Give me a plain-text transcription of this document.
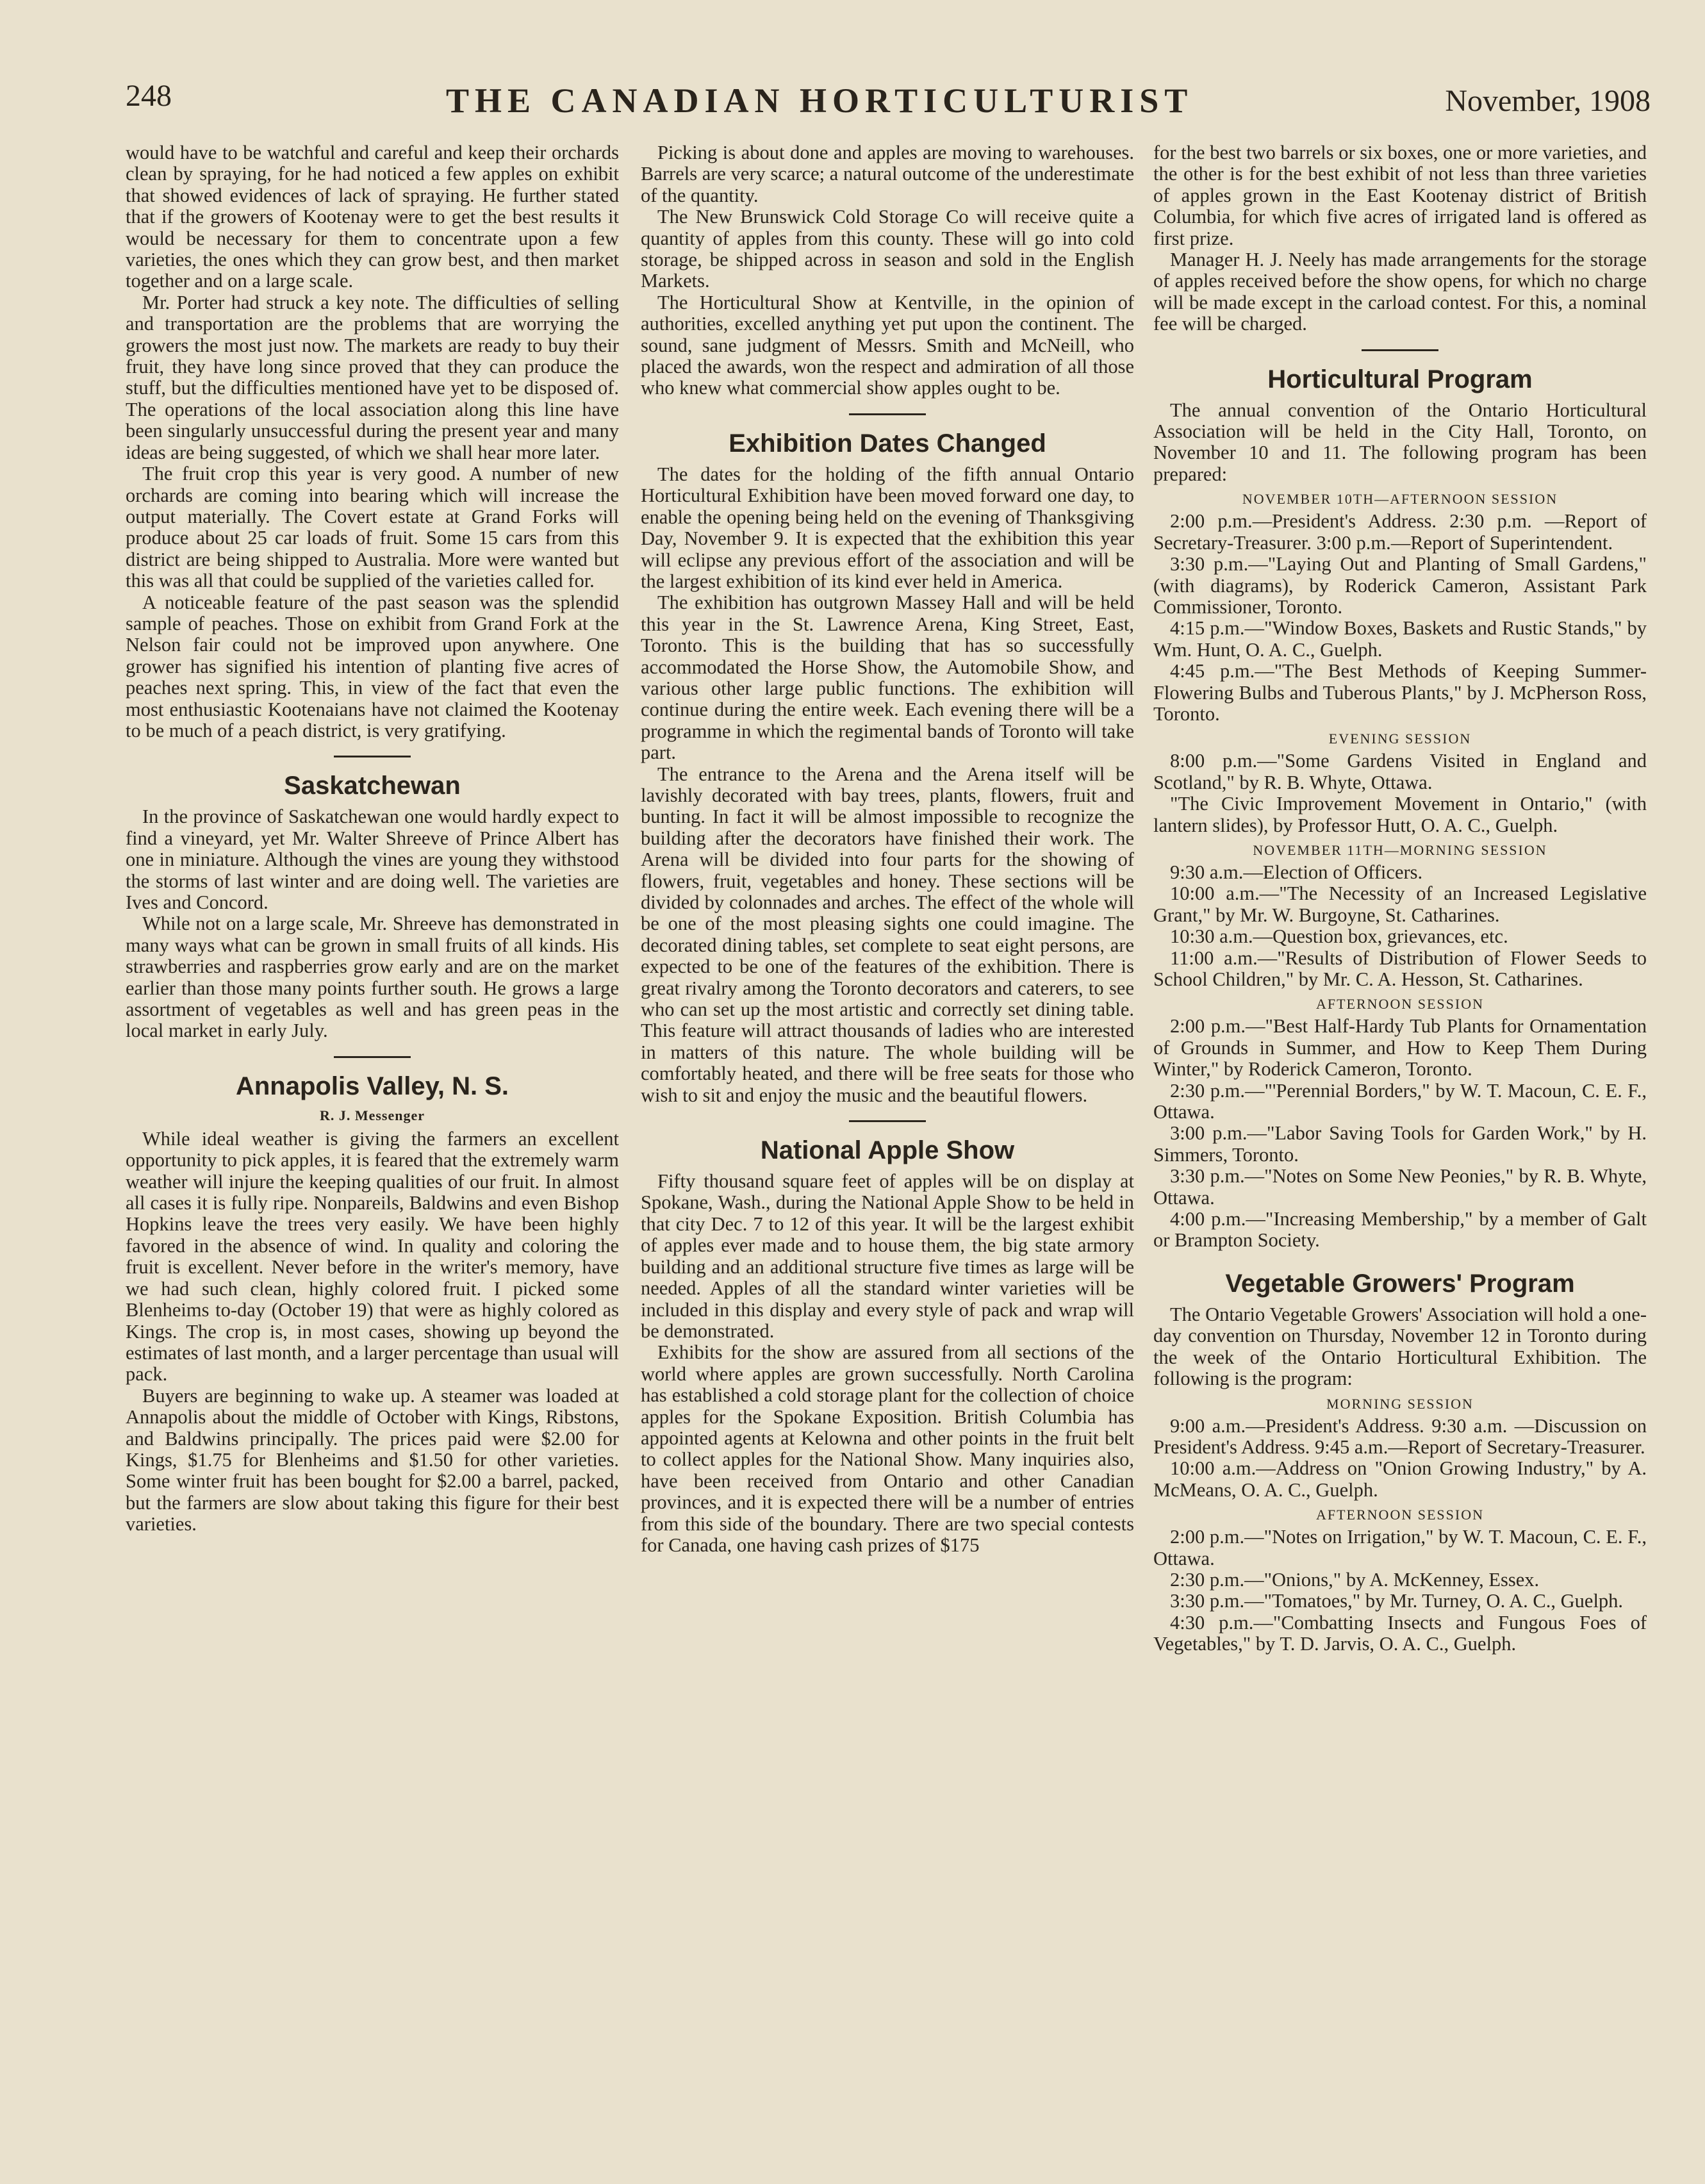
248	THE CANADIAN HORTICULTURIST	November, 1908

would have to be watchful and careful and keep their orchards clean by spraying, for he had noticed a few apples on exhibit that showed evidences of lack of spraying. He further stated that if the growers of Kootenay were to get the best results it would be necessary for them to concentrate upon a few varieties, the ones which they can grow best, and then market together and on a large scale.

Mr. Porter had struck a key note. The difficulties of selling and transportation are the problems that are worrying the growers the most just now. The markets are ready to buy their fruit, they have long since proved that they can produce the stuff, but the difficulties mentioned have yet to be disposed of. The operations of the local association along this line have been singularly unsuccessful during the present year and many ideas are being suggested, of which we shall hear more later.

The fruit crop this year is very good. A number of new orchards are coming into bearing which will increase the output materially. The Covert estate at Grand Forks will produce about 25 car loads of fruit. Some 15 cars from this district are being shipped to Australia. More were wanted but this was all that could be supplied of the varieties called for.

A noticeable feature of the past season was the splendid sample of peaches. Those on exhibit from Grand Fork at the Nelson fair could not be improved upon anywhere. One grower has signified his intention of planting five acres of peaches next spring. This, in view of the fact that even the most enthusiastic Kootenaians have not claimed the Kootenay to be much of a peach district, is very gratifying.

Saskatchewan

In the province of Saskatchewan one would hardly expect to find a vineyard, yet Mr. Walter Shreeve of Prince Albert has one in miniature. Although the vines are young they withstood the storms of last winter and are doing well. The varieties are Ives and Concord.

While not on a large scale, Mr. Shreeve has demonstrated in many ways what can be grown in small fruits of all kinds. His strawberries and raspberries grow early and are on the market earlier than those many points further south. He grows a large assortment of vegetables as well and has green peas in the local market in early July.

Annapolis Valley, N. S.
R. J. Messenger

While ideal weather is giving the farmers an excellent opportunity to pick apples, it is feared that the extremely warm weather will injure the keeping qualities of our fruit. In almost all cases it is fully ripe. Nonpareils, Baldwins and even Bishop Hopkins leave the trees very easily. We have been highly favored in the absence of wind. In quality and coloring the fruit is excellent. Never before in the writer's memory, have we had such clean, highly colored fruit. I picked some Blenheims to-day (October 19) that were as highly colored as Kings. The crop is, in most cases, showing up beyond the estimates of last month, and a larger percentage than usual will pack.

Buyers are beginning to wake up. A steamer was loaded at Annapolis about the middle of October with Kings, Ribstons, and Baldwins principally. The prices paid were $2.00 for Kings, $1.75 for Blenheims and $1.50 for other varieties. Some winter fruit has been bought for $2.00 a barrel, packed, but the farmers are slow about taking this figure for their best varieties.

Picking is about done and apples are moving to warehouses. Barrels are very scarce; a natural outcome of the underestimate of the quantity.

The New Brunswick Cold Storage Co will receive quite a quantity of apples from this county. These will go into cold storage, be shipped across in season and sold in the English Markets.

The Horticultural Show at Kentville, in the opinion of authorities, excelled anything yet put upon the continent. The sound, sane judgment of Messrs. Smith and McNeill, who placed the awards, won the respect and admiration of all those who knew what commercial show apples ought to be.

Exhibition Dates Changed

The dates for the holding of the fifth annual Ontario Horticultural Exhibition have been moved forward one day, to enable the opening being held on the evening of Thanksgiving Day, November 9. It is expected that the exhibition this year will eclipse any previous effort of the association and will be the largest exhibition of its kind ever held in America.

The exhibition has outgrown Massey Hall and will be held this year in the St. Lawrence Arena, King Street, East, Toronto. This is the building that has so successfully accommodated the Horse Show, the Automobile Show, and various other large public functions. The exhibition will continue during the entire week. Each evening there will be a programme in which the regimental bands of Toronto will take part.

The entrance to the Arena and the Arena itself will be lavishly decorated with bay trees, plants, flowers, fruit and bunting. In fact it will be almost impossible to recognize the building after the decorators have finished their work. The Arena will be divided into four parts for the showing of flowers, fruit, vegetables and honey. These sections will be divided by colonnades and arches. The effect of the whole will be one of the most pleasing sights one could imagine. The decorated dining tables, set complete to seat eight persons, are expected to be one of the features of the exhibition. There is great rivalry among the Toronto decorators and caterers, to see who can set up the most artistic and correctly set dining table. This feature will attract thousands of ladies who are interested in matters of this nature. The whole building will be comfortably heated, and there will be free seats for those who wish to sit and enjoy the music and the beautiful flowers.

National Apple Show

Fifty thousand square feet of apples will be on display at Spokane, Wash., during the National Apple Show to be held in that city Dec. 7 to 12 of this year. It will be the largest exhibit of apples ever made and to house them, the big state armory building and an additional structure five times as large will be needed. Apples of all the standard winter varieties will be included in this display and every style of pack and wrap will be demonstrated.

Exhibits for the show are assured from all sections of the world where apples are grown successfully. North Carolina has established a cold storage plant for the collection of choice apples for the Spokane Exposition. British Columbia has appointed agents at Kelowna and other points in the fruit belt to collect apples for the National Show. Many inquiries also, have been received from Ontario and other Canadian provinces, and it is expected there will be a number of entries from this side of the boundary. There are two special contests for Canada, one having cash prizes of $175

for the best two barrels or six boxes, one or more varieties, and the other is for the best exhibit of not less than three varieties of apples grown in the East Kootenay district of British Columbia, for which five acres of irrigated land is offered as first prize.

Manager H. J. Neely has made arrangements for the storage of apples received before the show opens, for which no charge will be made except in the carload contest. For this, a nominal fee will be charged.

Horticultural Program

The annual convention of the Ontario Horticultural Association will be held in the City Hall, Toronto, on November 10 and 11. The following program has been prepared:

NOVEMBER 10TH—AFTERNOON SESSION

2:00 p.m.—President's Address. 2:30 p.m. —Report of Secretary-Treasurer. 3:00 p.m.—Report of Superintendent.

3:30 p.m.—"Laying Out and Planting of Small Gardens," (with diagrams), by Roderick Cameron, Assistant Park Commissioner, Toronto.

4:15 p.m.—"Window Boxes, Baskets and Rustic Stands," by Wm. Hunt, O. A. C., Guelph.

4:45 p.m.—"The Best Methods of Keeping Summer-Flowering Bulbs and Tuberous Plants," by J. McPherson Ross, Toronto.

EVENING SESSION

8:00 p.m.—"Some Gardens Visited in England and Scotland," by R. B. Whyte, Ottawa.

"The Civic Improvement Movement in Ontario," (with lantern slides), by Professor Hutt, O. A. C., Guelph.

NOVEMBER 11TH—MORNING SESSION

9:30 a.m.—Election of Officers.

10:00 a.m.—"The Necessity of an Increased Legislative Grant," by Mr. W. Burgoyne, St. Catharines.

10:30 a.m.—Question box, grievances, etc.

11:00 a.m.—"Results of Distribution of Flower Seeds to School Children," by Mr. C. A. Hesson, St. Catharines.

AFTERNOON SESSION

2:00 p.m.—"Best Half-Hardy Tub Plants for Ornamentation of Grounds in Summer, and How to Keep Them During Winter," by Roderick Cameron, Toronto.

2:30 p.m.—"'Perennial Borders," by W. T. Macoun, C. E. F., Ottawa.

3:00 p.m.—"Labor Saving Tools for Garden Work," by H. Simmers, Toronto.

3:30 p.m.—"Notes on Some New Peonies," by R. B. Whyte, Ottawa.

4:00 p.m.—"Increasing Membership," by a member of Galt or Brampton Society.

Vegetable Growers' Program

The Ontario Vegetable Growers' Association will hold a one-day convention on Thursday, November 12 in Toronto during the week of the Ontario Horticultural Exhibition. The following is the program:

MORNING SESSION

9:00 a.m.—President's Address. 9:30 a.m. —Discussion on President's Address. 9:45 a.m.—Report of Secretary-Treasurer.

10:00 a.m.—Address on "Onion Growing Industry," by A. McMeans, O. A. C., Guelph.

AFTERNOON SESSION

2:00 p.m.—"Notes on Irrigation," by W. T. Macoun, C. E. F., Ottawa.

2:30 p.m.—"Onions," by A. McKenney, Essex.

3:30 p.m.—"Tomatoes," by Mr. Turney, O. A. C., Guelph.

4:30 p.m.—"Combatting Insects and Fungous Foes of Vegetables," by T. D. Jarvis, O. A. C., Guelph.
